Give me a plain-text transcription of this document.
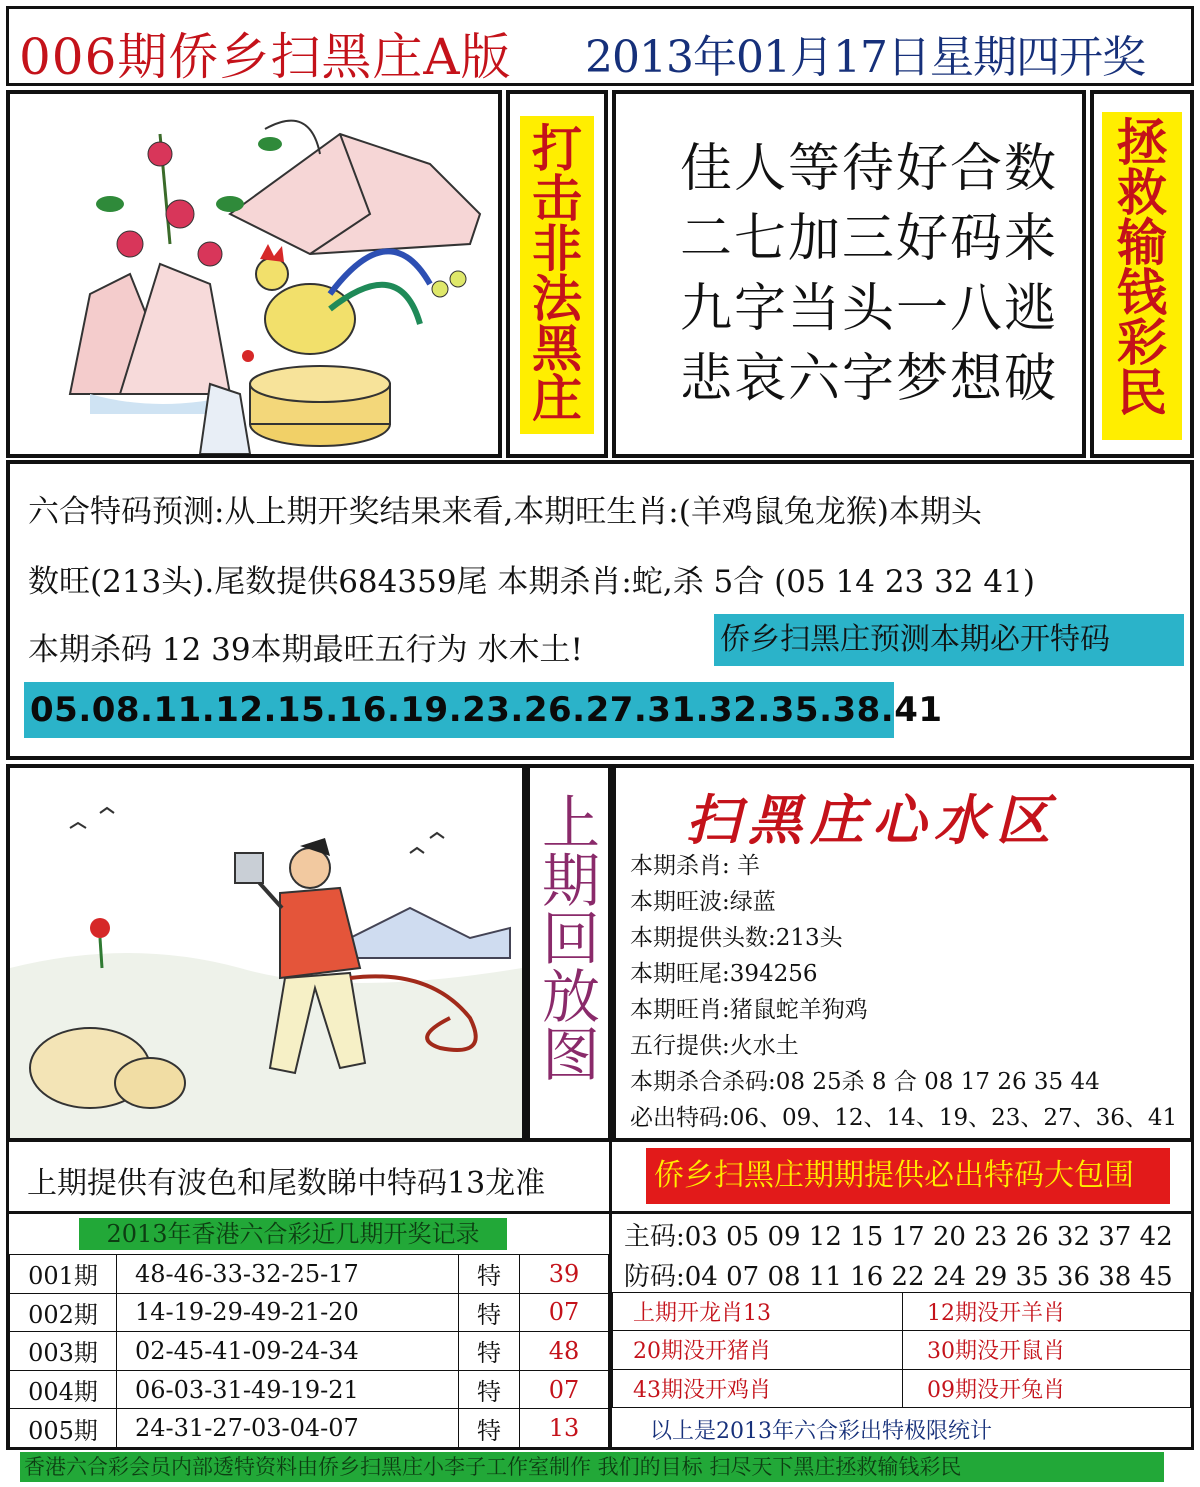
006期侨乡扫黑庄A版 2013年01月17日星期四开奖
打
击
非
法
黑
庄
佳人等待好合数
二七加三好码来
九字当头一八逃
悲哀六字梦想破
拯
救
输
钱
彩
民
六合特码预测:从上期开奖结果来看,本期旺生肖:(羊鸡鼠兔龙猴)本期头
数旺(213头).尾数提供684359尾 本期杀肖:蛇,杀 5合 (05 14 23 32 41)
本期杀码 12 39本期最旺五行为 水木土!	侨乡扫黑庄预测本期必开特码
05.08.11.12.15.16.19.23.26.27.31.32.35.38.41
上
期
回
放
图
扫黑庄心水区
本期杀肖: 羊
本期旺波:绿蓝
本期提供头数:213头
本期旺尾:394256
本期旺肖:猪鼠蛇羊狗鸡
五行提供:火水土
本期杀合杀码:08 25杀 8 合 08 17 26 35 44
必出特码:06、09、12、14、19、23、27、36、41
上期提供有波色和尾数睇中特码13龙准	侨乡扫黑庄期期提供必出特码大包围
2013年香港六合彩近几期开奖记录
001期	48-46-33-32-25-17	特	39
002期	14-19-29-49-21-20	特	07
003期	02-45-41-09-24-34	特	48
004期	06-03-31-49-19-21	特	07
005期	24-31-27-03-04-07	特	13
主码:03 05 09 12 15 17 20 23 26 32 37 42
防码:04 07 08 11 16 22 24 29 35 36 38 45
上期开龙肖13	12期没开羊肖
20期没开猪肖	30期没开鼠肖
43期没开鸡肖	09期没开兔肖
以上是2013年六合彩出特极限统计
香港六合彩会员内部透特资料由侨乡扫黑庄小李子工作室制作 我们的目标 扫尽天下黑庄拯救输钱彩民
